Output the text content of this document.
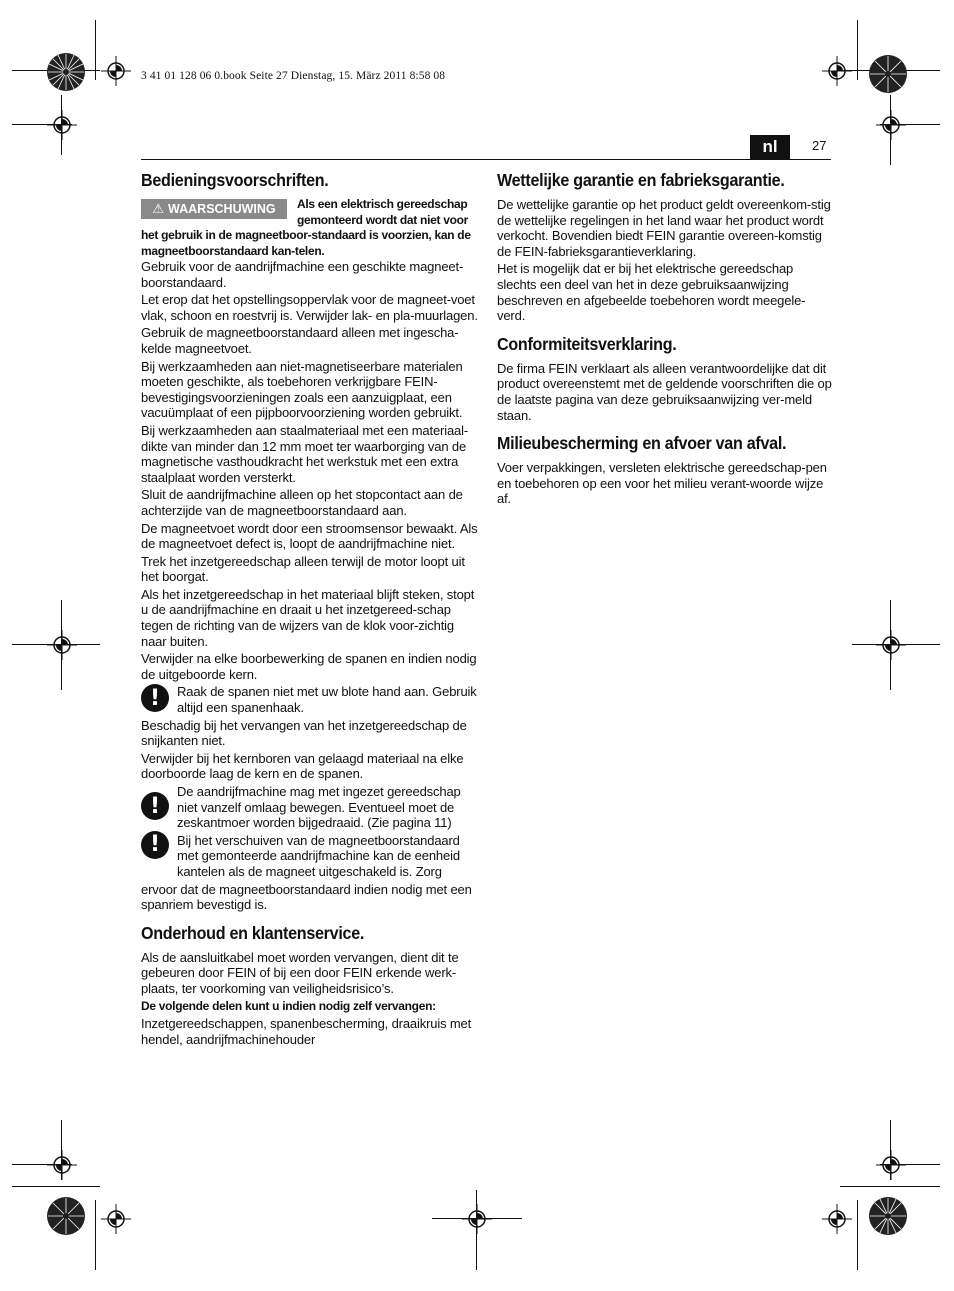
3 41 01 128 06 0.book Seite 27 Dienstag, 15. März 2011 8:58 08
nl	27
Bedieningsvoorschriften.
⚠ WAARSCHUWING	Als een elektrisch gereedschap gemonteerd wordt dat niet voor het gebruik in de magneetboor-standaard is voorzien, kan de magneetboorstandaard kan-telen.

Gebruik voor de aandrijfmachine een geschikte magneet-boorstandaard.

Let erop dat het opstellingsoppervlak voor de magneet-voet vlak, schoon en roestvrij is. Verwijder lak- en pla-muurlagen.

Gebruik de magneetboorstandaard alleen met ingescha-kelde magneetvoet.

Bij werkzaamheden aan niet-magnetiseerbare materialen moeten geschikte, als toebehoren verkrijgbare FEIN-bevestigingsvoorzieningen zoals een aanzuigplaat, een vacuümplaat of een pijpboorvoorziening worden gebruikt.

Bij werkzaamheden aan staalmateriaal met een materiaal-dikte van minder dan 12 mm moet ter waarborging van de magnetische vasthoudkracht het werkstuk met een extra staalplaat worden versterkt.

Sluit de aandrijfmachine alleen op het stopcontact aan de achterzijde van de magneetboorstandaard aan.

De magneetvoet wordt door een stroomsensor bewaakt. Als de magneetvoet defect is, loopt de aandrijfmachine niet.

Trek het inzetgereedschap alleen terwijl de motor loopt uit het boorgat.

Als het inzetgereedschap in het materiaal blijft steken, stopt u de aandrijfmachine en draait u het inzetgereed-schap tegen de richting van de wijzers van de klok voor-zichtig naar buiten.

Verwijder na elke boorbewerking de spanen en indien nodig de uitgeboorde kern.

!	Raak de spanen niet met uw blote hand aan. Gebruik altijd een spanenhaak.

Beschadig bij het vervangen van het inzetgereedschap de snijkanten niet.

Verwijder bij het kernboren van gelaagd materiaal na elke doorboorde laag de kern en de spanen.

!

De aandrijfmachine mag met ingezet gereedschap niet vanzelf omlaag bewegen. Eventueel moet de zeskantmoer worden bijgedraaid. (Zie pagina 11)

!	Bij het verschuiven van de magneetboorstandaard met gemonteerde aandrijfmachine kan de eenheid kantelen als de magneet uitgeschakeld is. Zorg

ervoor dat de magneetboorstandaard indien nodig met een spanriem bevestigd is.

Onderhoud en klantenservice.

Als de aansluitkabel moet worden vervangen, dient dit te gebeuren door FEIN of bij een door FEIN erkende werk-plaats, ter voorkoming van veiligheidsrisico’s.

De volgende delen kunt u indien nodig zelf vervangen:

Inzetgereedschappen, spanenbescherming, draaikruis met hendel, aandrijfmachinehouder

Wettelijke garantie en fabrieksgarantie.

De wettelijke garantie op het product geldt overeenkom-stig de wettelijke regelingen in het land waar het product wordt verkocht. Bovendien biedt FEIN garantie overeen-komstig de FEIN-fabrieksgarantieverklaring.

Het is mogelijk dat er bij het elektrische gereedschap slechts een deel van het in deze gebruiksaanwijzing beschreven en afgebeelde toebehoren wordt meegele-verd.

Conformiteitsverklaring.

De firma FEIN verklaart als alleen verantwoordelijke dat dit product overeenstemt met de geldende voorschriften die op de laatste pagina van deze gebruiksaanwijzing ver-meld staan.

Milieubescherming en afvoer van afval.

Voer verpakkingen, versleten elektrische gereedschap-pen en toebehoren op een voor het milieu verant-woorde wijze af.
